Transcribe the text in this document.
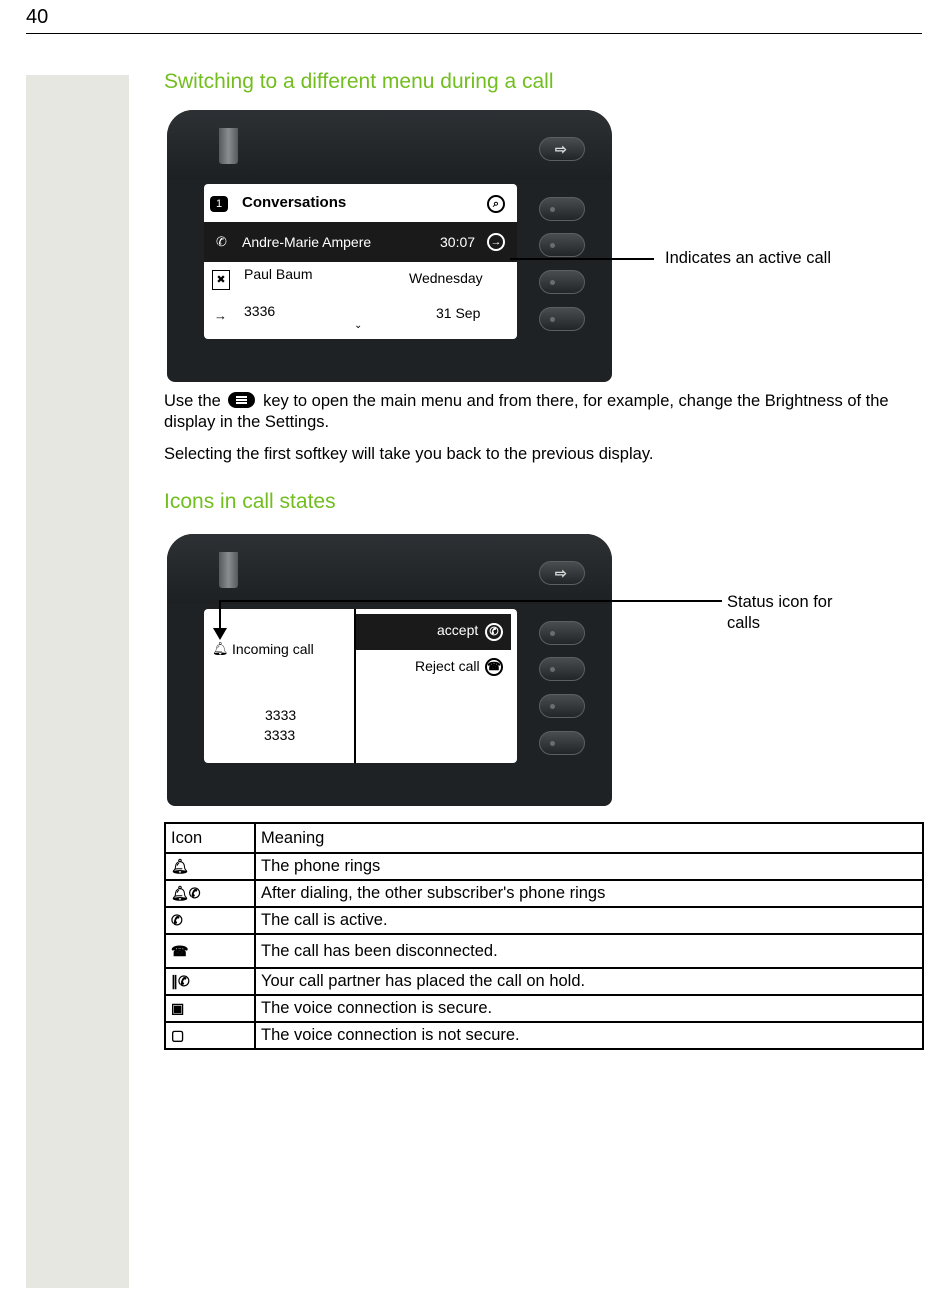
40
Switching to a different menu during a call
⇨
1	Conversations	⌕
✆ Andre-Marie Ampere	30:07	→
✖	Paul Baum	Wednesday
→ 3336	31 Sep
⌄
Indicates an active call

Use the	key to open the main menu and from there, for example, change the Brightness of the display in the Settings.

Selecting the first softkey will take you back to the previous display.

Icons in call states
⇨
🔔︎ Incoming call
3333
3333
accept	✆
Reject call ☎
Status icon for
calls
Icon	Meaning
🔔︎	The phone rings
🔔︎✆	After dialing, the other subscriber's phone rings
✆	The call is active.
☎	The call has been disconnected.
∥✆	Your call partner has placed the call on hold.
▣	The voice connection is secure.
▢	The voice connection is not secure.
